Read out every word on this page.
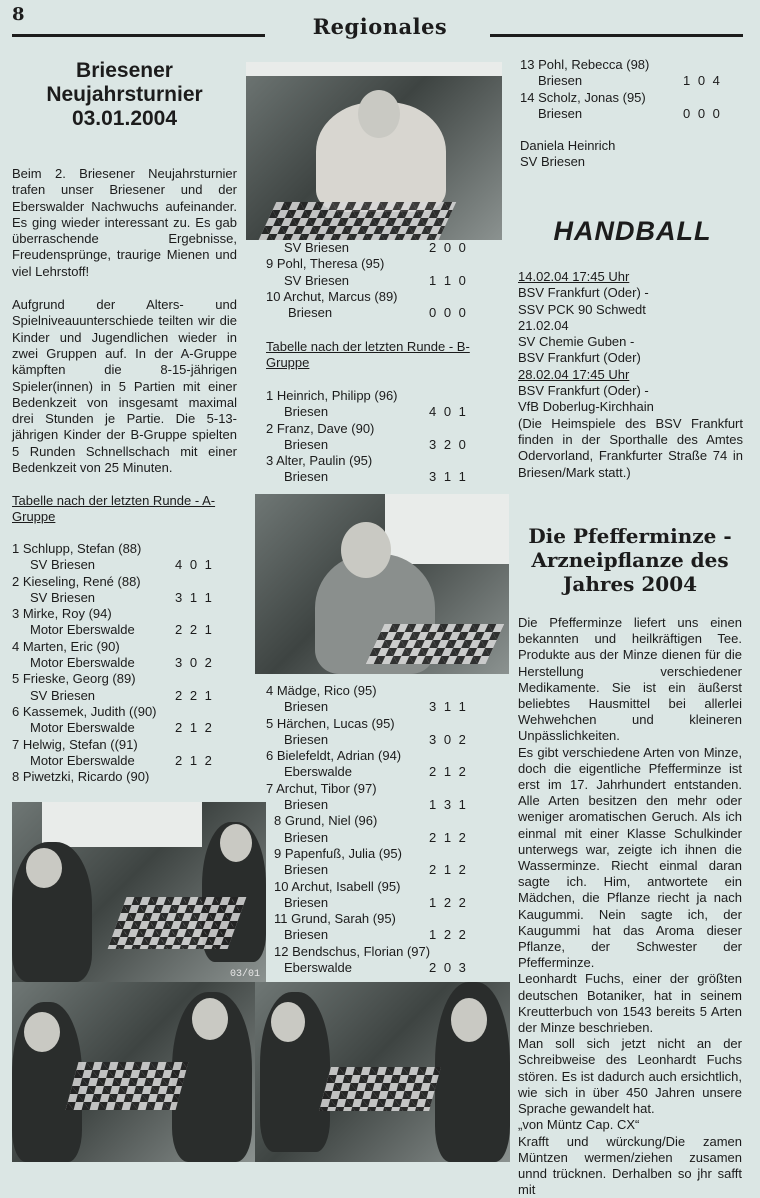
8	Regionales
Briesener
Neujahrsturnier
03.01.2004

Beim 2. Briesener Neujahrsturnier trafen unser Briesener und der Eberswalder Nachwuchs aufeinander. Es ging wieder interessant zu. Es gab überraschende Ergebnisse, Freudensprünge, traurige Mienen und viel Lehrstoff!

Aufgrund der Alters- und Spielniveauunterschiede teilten wir die Kinder und Jugendlichen wieder in zwei Gruppen auf. In der A-Gruppe kämpften die 8-15-jährigen Spieler(innen) in 5 Partien mit einer Bedenkzeit von insgesamt maximal drei Stunden je Partie. Die 5-13-jährigen Kinder der B-Gruppe spielten 5 Runden Schnellschach mit einer Bedenkzeit von 25 Minuten.

Tabelle nach der letzten Runde - A-Gruppe
1 Schlupp, Stefan (88)
SV Briesen	4 0 1
2 Kieseling, René (88)
SV Briesen	3 1 1
3 Mirke, Roy (94)
Motor Eberswalde	2 2 1
4 Marten, Eric (90)
Motor Eberswalde	3 0 2
5 Frieske, Georg (89)
SV Briesen	2 2 1
6 Kassemek, Judith ((90)
Motor Eberswalde	2 1 2
7 Helwig, Stefan ((91)
Motor Eberswalde	2 1 2
8 Piwetzki, Ricardo (90)
03/01
SV Briesen	2 0 0
9 Pohl, Theresa (95)
SV Briesen	1 1 0
10 Archut, Marcus (89)
Briesen	0 0 0
Tabelle nach der letzten Runde - B-Gruppe
1 Heinrich, Philipp (96)
Briesen	4 0 1
2 Franz, Dave (90)
Briesen	3 2 0
3 Alter, Paulin (95)
Briesen	3 1 1
4 Mädge, Rico (95)
Briesen	3 1 1
5 Härchen, Lucas (95)
Briesen	3 0 2
6 Bielefeldt, Adrian (94)
Eberswalde	2 1 2
7 Archut, Tibor (97)
Briesen	1 3 1
8 Grund, Niel (96)
Briesen	2 1 2
9 Papenfuß, Julia (95)
Briesen	2 1 2
10 Archut, Isabell (95)
Briesen	1 2 2
11 Grund, Sarah (95)
Briesen	1 2 2
12 Bendschus, Florian (97)
Eberswalde	2 0 3
13 Pohl, Rebecca (98)
Briesen	1 0 4
14 Scholz, Jonas (95)
Briesen	0 0 0
Daniela Heinrich
SV Briesen
HANDBALL
14.02.04 17:45 Uhr
BSV Frankfurt (Oder) -
SSV PCK 90 Schwedt
21.02.04
SV Chemie Guben -
BSV Frankfurt (Oder)
28.02.04 17:45 Uhr
BSV Frankfurt (Oder) -
VfB Doberlug-Kirchhain
(Die Heimspiele des BSV Frankfurt finden in der Sporthalle des Amtes Odervorland, Frankfurter Straße 74 in Briesen/Mark statt.)
Die Pfefferminze -
Arzneipflanze des
Jahres 2004
Die Pfefferminze liefert uns einen bekannten und heilkräftigen Tee. Produkte aus der Minze dienen für die Herstellung verschiedener Medikamente. Sie ist ein äußerst beliebtes Hausmittel bei allerlei Wehwehchen und kleineren Unpässlichkeiten.
Es gibt verschiedene Arten von Minze, doch die eigentliche Pfefferminze ist erst im 17. Jahrhundert entstanden. Alle Arten besitzen den mehr oder weniger aromatischen Geruch. Als ich einmal mit einer Klasse Schulkinder unterwegs war, zeigte ich ihnen die Wasserminze. Riecht einmal daran sagte ich. Him, antwortete ein Mädchen, die Pflanze riecht ja nach Kaugummi. Nein sagte ich, der Kaugummi hat das Aroma dieser Pflanze, der Schwester der Pfefferminze.
Leonhardt Fuchs, einer der größten deutschen Botaniker, hat in seinem Kreutterbuch von 1543 bereits 5 Arten der Minze beschrieben.
Man soll sich jetzt nicht an der Schreibweise des Leonhardt Fuchs stören. Es ist dadurch auch ersichtlich, wie sich in über 450 Jahren unsere Sprache gewandelt hat.
„von Müntz Cap. CX“
Krafft und würckung/Die zamen Müntzen wermen/ziehen zusamen unnd trücknen. Derhalben so jhr safft mit
